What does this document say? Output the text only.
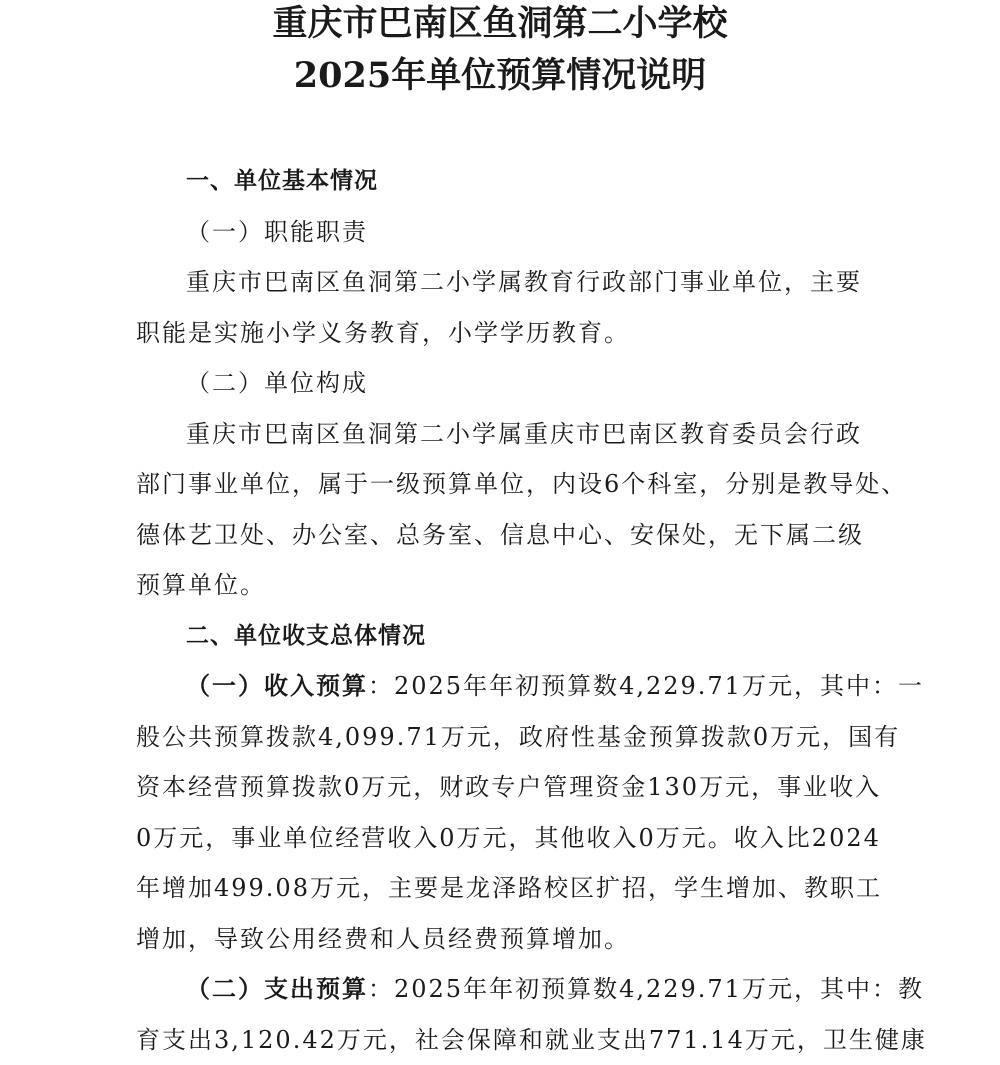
重庆市巴南区鱼洞第二小学校
2025年单位预算情况说明

一、单位基本情况

（一）职能职责

重庆市巴南区鱼洞第二小学属教育行政部门事业单位，主要
职能是实施小学义务教育，小学学历教育。

（二）单位构成

重庆市巴南区鱼洞第二小学属重庆市巴南区教育委员会行政
部门事业单位，属于一级预算单位，内设6个科室，分别是教导处、
德体艺卫处、办公室、总务室、信息中心、安保处，无下属二级
预算单位。

二、单位收支总体情况

（一）收入预算：2025年年初预算数4,229.71万元，其中：一
般公共预算拨款4,099.71万元，政府性基金预算拨款0万元，国有
资本经营预算拨款0万元，财政专户管理资金130万元，事业收入
0万元，事业单位经营收入0万元，其他收入0万元。收入比2024
年增加499.08万元，主要是龙泽路校区扩招，学生增加、教职工
增加，导致公用经费和人员经费预算增加。

（二）支出预算：2025年年初预算数4,229.71万元，其中：教
育支出3,120.42万元，社会保障和就业支出771.14万元，卫生健康
